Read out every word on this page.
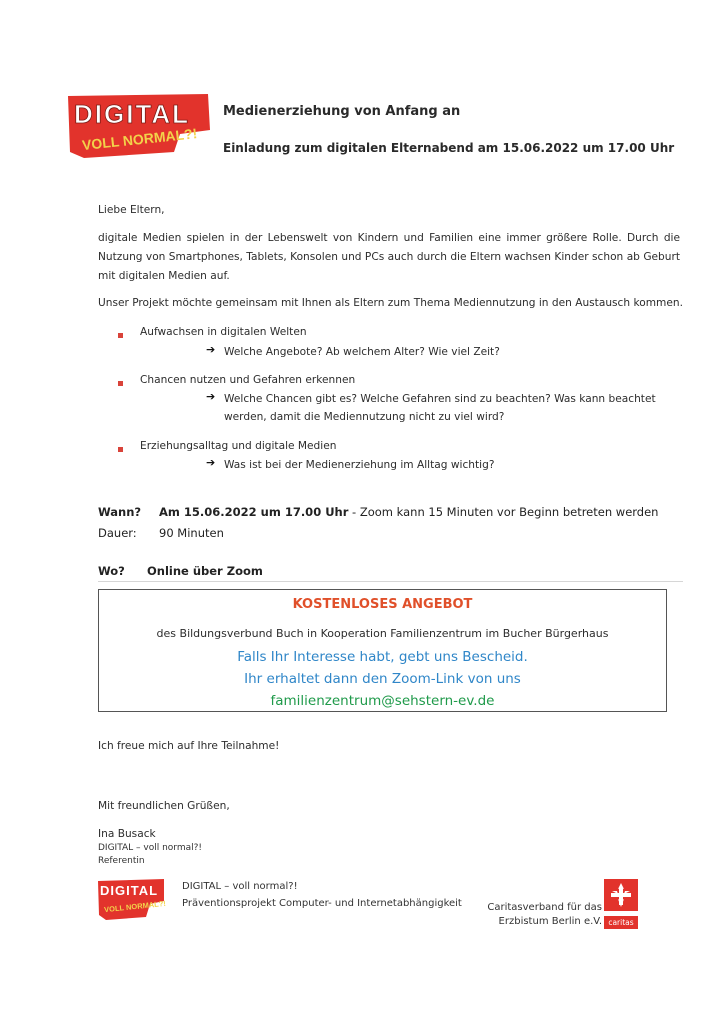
DIGITAL
VOLL NORMAL?!
Medienerziehung von Anfang an
Einladung zum digitalen Elternabend am 15.06.2022 um 17.00 Uhr
Liebe Eltern,
digitale Medien spielen in der Lebenswelt von Kindern und Familien eine immer größere Rolle. Durch die Nutzung von Smartphones, Tablets, Konsolen und PCs auch durch die Eltern wachsen Kinder schon ab Geburt mit digitalen Medien auf.
Unser Projekt möchte gemeinsam mit Ihnen als Eltern zum Thema Mediennutzung in den Austausch kommen.
Aufwachsen in digitalen Welten
➔ Welche Angebote? Ab welchem Alter? Wie viel Zeit?
Chancen nutzen und Gefahren erkennen
➔ Welche Chancen gibt es? Welche Gefahren sind zu beachten? Was kann beachtet werden, damit die Mediennutzung nicht zu viel wird?
Erziehungsalltag und digitale Medien
➔ Was ist bei der Medienerziehung im Alltag wichtig?
Wann? Am 15.06.2022 um 17.00 Uhr - Zoom kann 15 Minuten vor Beginn betreten werden
Dauer: 90 Minuten
Wo? Online über Zoom
KOSTENLOSES ANGEBOT
des Bildungsverbund Buch in Kooperation Familienzentrum im Bucher Bürgerhaus
Falls Ihr Interesse habt, gebt uns Bescheid.
Ihr erhaltet dann den Zoom-Link von uns
familienzentrum@sehstern-ev.de
Ich freue mich auf Ihre Teilnahme!
Mit freundlichen Grüßen,
Ina Busack
DIGITAL – voll normal?!
Referentin
DIGITAL
VOLL NORMAL?!
DIGITAL – voll normal?!
Präventionsprojekt Computer- und Internetabhängigkeit	Caritasverband für das
Erzbistum Berlin e.V. caritas
